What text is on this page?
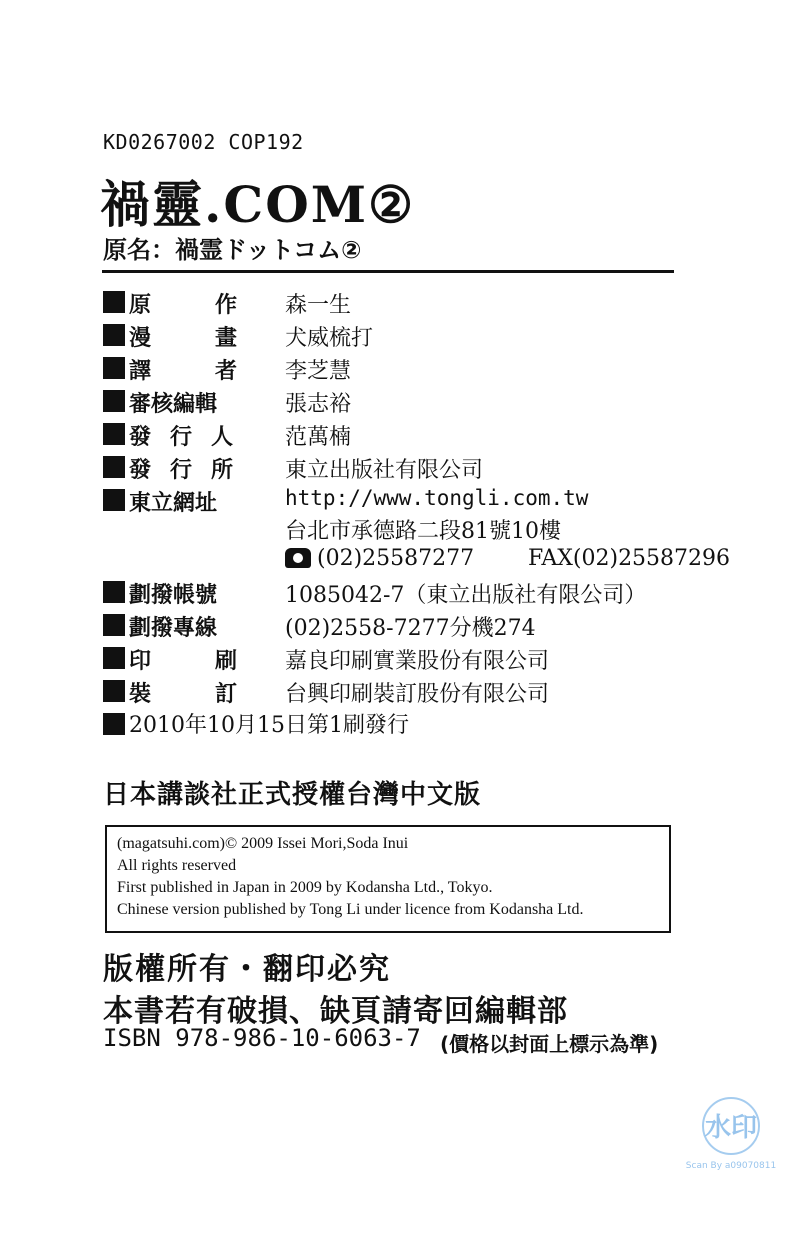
KD0267002 COP192
禍靈.COM②
原名：禍霊ドットコム②
原	作 森一生
漫	畫 犬威梳打
譯	者 李芝慧
審核編輯	張志裕
發 行 人 范萬楠
發 行 所 東立出版社有限公司
東立網址	http://www.tongli.com.tw
台北市承德路二段81號10樓
(02)25587277 FAX(02)25587296
劃撥帳號	1085042-7（東立出版社有限公司）
劃撥專線	(02)2558-7277分機274
印	刷 嘉良印刷實業股份有限公司
裝	訂 台興印刷裝訂股份有限公司
2010年10月15日第1刷發行
日本講談社正式授權台灣中文版
(magatsuhi.com)© 2009 Issei Mori,Soda Inui
All rights reserved
First published in Japan in 2009 by Kodansha Ltd., Tokyo.
Chinese version published by Tong Li under licence from Kodansha Ltd.
版權所有・翻印必究
本書若有破損、缺頁請寄回編輯部
ISBN 978-986-10-6063-7 (價格以封面上標示為準)
水印
Scan By a09070811
